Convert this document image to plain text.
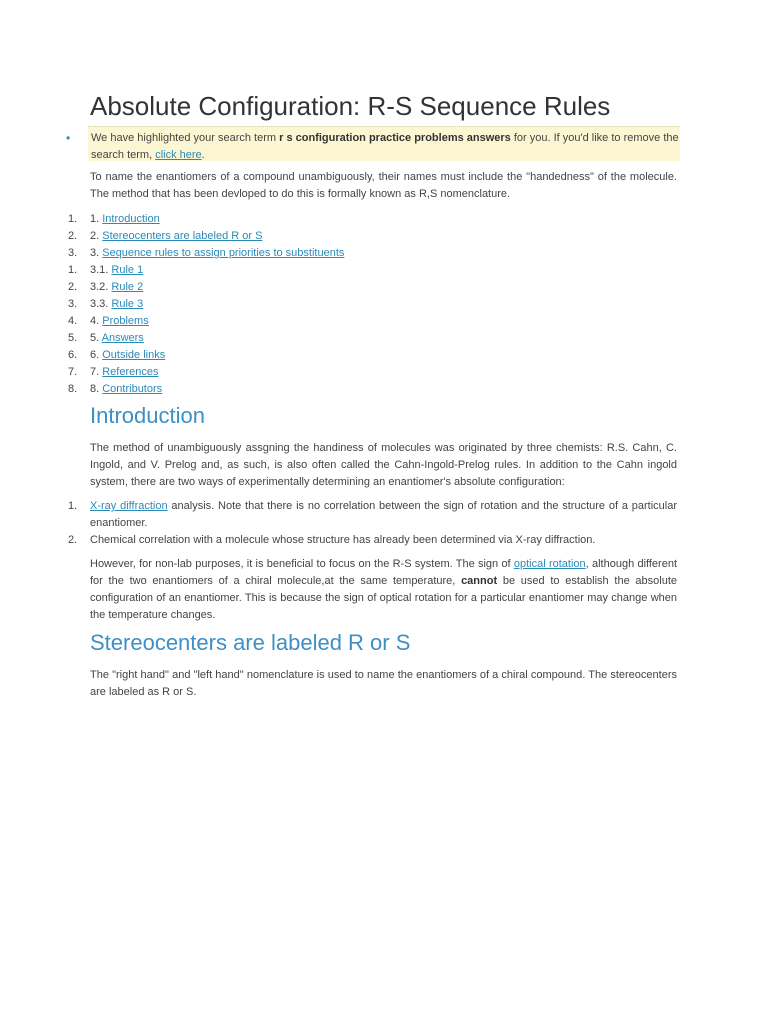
Absolute Configuration: R-S Sequence Rules
• We have highlighted your search term r s configuration practice problems answers for you. If you'd like to remove the search term, click here.

To name the enantiomers of a compound unambiguously, their names must include the "handedness" of the molecule. The method that has been devloped to do this is formally known as R,S nomenclature.

1. 1. Introduction
2. 2. Stereocenters are labeled R or S
3. 3. Sequence rules to assign priorities to substituents
1. 3.1. Rule 1
2. 3.2. Rule 2
3. 3.3. Rule 3
4. 4. Problems
5. 5. Answers
6. 6. Outside links
7. 7. References
8. 8. Contributors
Introduction

The method of unambiguously assgning the handiness of molecules was originated by three chemists: R.S. Cahn, C. Ingold, and V. Prelog and, as such, is also often called the Cahn-Ingold-Prelog rules. In addition to the Cahn ingold system, there are two ways of experimentally determining an enantiomer's absolute configuration:

1. X-ray diffraction analysis. Note that there is no correlation between the sign of rotation and the structure of a particular enantiomer.
2. Chemical correlation with a molecule whose structure has already been determined via X-ray diffraction.

However, for non-lab purposes, it is beneficial to focus on the R-S system. The sign of optical rotation, although different for the two enantiomers of a chiral molecule,at the same temperature, cannot be used to establish the absolute configuration of an enantiomer. This is because the sign of optical rotation for a particular enantiomer may change when the temperature changes.

Stereocenters are labeled R or S

The "right hand" and "left hand" nomenclature is used to name the enantiomers of a chiral compound. The stereocenters are labeled as R or S.
